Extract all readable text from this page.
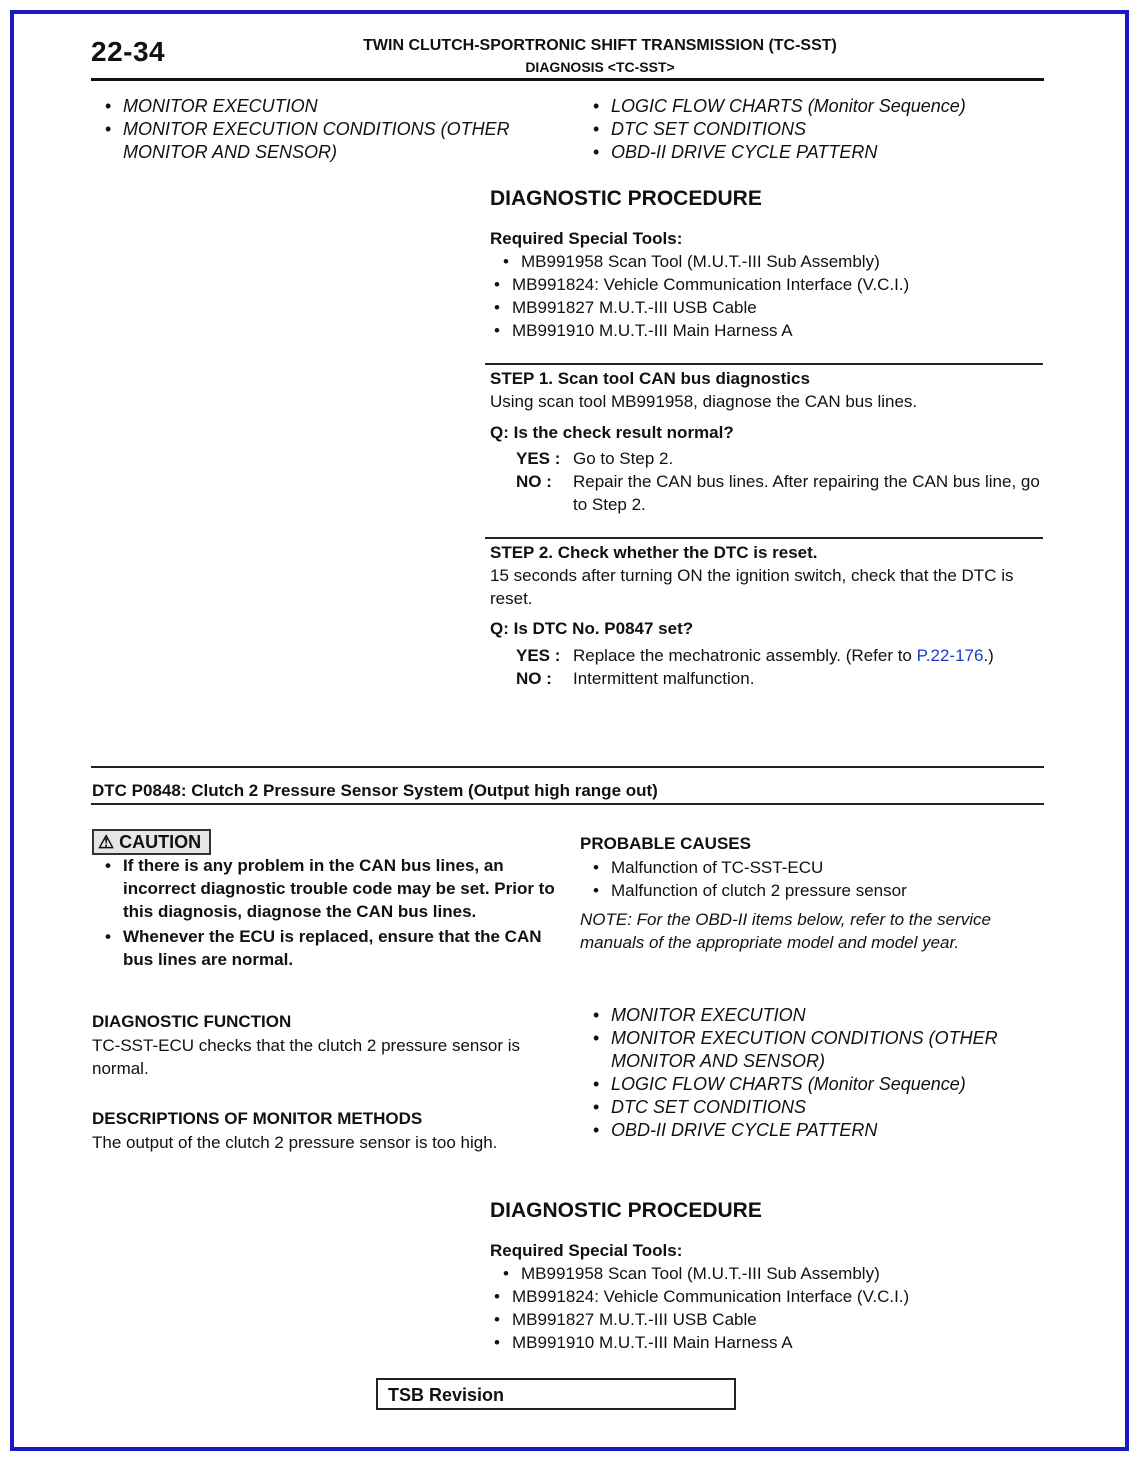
22-34	TWIN CLUTCH-SPORTRONIC SHIFT TRANSMISSION (TC-SST)
DIAGNOSIS <TC-SST>
• MONITOR EXECUTION
• MONITOR EXECUTION CONDITIONS (OTHER MONITOR AND SENSOR)
• LOGIC FLOW CHARTS (Monitor Sequence)
• DTC SET CONDITIONS
• OBD-II DRIVE CYCLE PATTERN
DIAGNOSTIC PROCEDURE
Required Special Tools:
• MB991958 Scan Tool (M.U.T.-III Sub Assembly)
• MB991824: Vehicle Communication Interface (V.C.I.)
• MB991827 M.U.T.-III USB Cable
• MB991910 M.U.T.-III Main Harness A
STEP 1. Scan tool CAN bus diagnostics
Using scan tool MB991958, diagnose the CAN bus lines.
Q: Is the check result normal?
YES : Go to Step 2.
NO :	Repair the CAN bus lines. After repairing the CAN bus line, go to Step 2.
STEP 2. Check whether the DTC is reset.
15 seconds after turning ON the ignition switch, check that the DTC is reset.
Q: Is DTC No. P0847 set?
YES : Replace the mechatronic assembly. (Refer to P.22-176.)
NO :	Intermittent malfunction.
DTC P0848: Clutch 2 Pressure Sensor System (Output high range out)
⚠ CAUTION
• If there is any problem in the CAN bus lines, an incorrect diagnostic trouble code may be set. Prior to this diagnosis, diagnose the CAN bus lines.
• Whenever the ECU is replaced, ensure that the CAN bus lines are normal.
DIAGNOSTIC FUNCTION
TC-SST-ECU checks that the clutch 2 pressure sensor is normal.
DESCRIPTIONS OF MONITOR METHODS
The output of the clutch 2 pressure sensor is too high.
PROBABLE CAUSES
• Malfunction of TC-SST-ECU
• Malfunction of clutch 2 pressure sensor
NOTE: For the OBD-II items below, refer to the service manuals of the appropriate model and model year.
• MONITOR EXECUTION
• MONITOR EXECUTION CONDITIONS (OTHER MONITOR AND SENSOR)
• LOGIC FLOW CHARTS (Monitor Sequence)
• DTC SET CONDITIONS
• OBD-II DRIVE CYCLE PATTERN
DIAGNOSTIC PROCEDURE
Required Special Tools:
• MB991958 Scan Tool (M.U.T.-III Sub Assembly)
• MB991824: Vehicle Communication Interface (V.C.I.)
• MB991827 M.U.T.-III USB Cable
• MB991910 M.U.T.-III Main Harness A
TSB Revision
